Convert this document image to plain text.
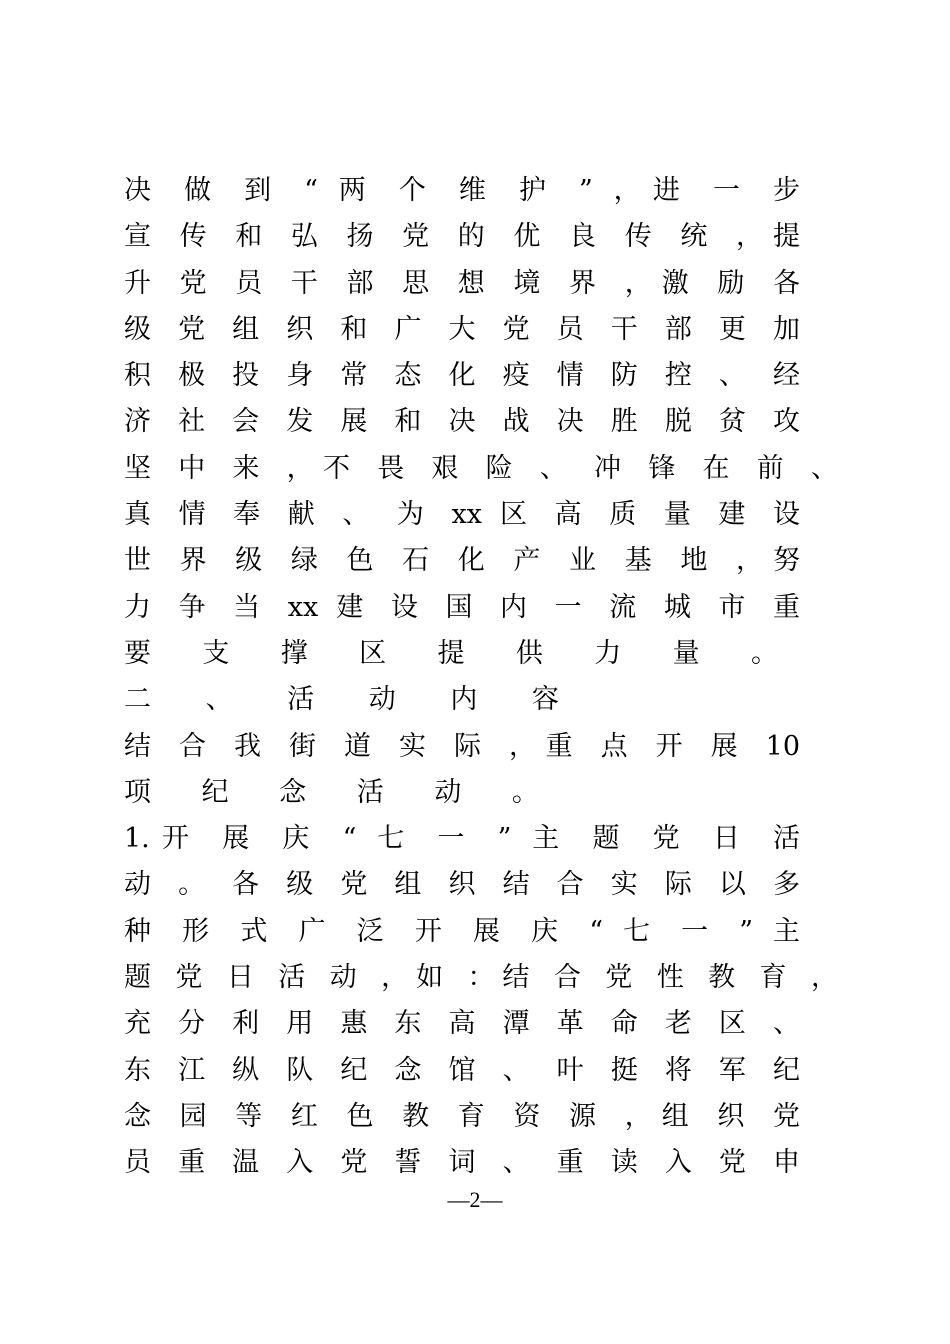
决 做 到 “ 两 个 维 护 ” ，进 一 步
宣 传 和 弘 扬 党 的 优 良 传 统 ，提
升 党 员 干 部 思 想 境 界 ，激 励 各
级 党 组 织 和 广 大 党 员 干 部 更 加
积 极 投 身 常 态 化 疫 情 防 控 、 经
济 社 会 发 展 和 决 战 决 胜 脱 贫 攻
坚 中 来 ，不 畏 艰 险 、 冲 锋 在 前 、
真 情 奉 献 、 为 xx 区 高 质 量 建 设
世 界 级 绿 色 石 化 产 业 基 地 ，努
力 争 当 xx 建 设 国 内 一 流 城 市 重
要 支 撑 区 提 供 力 量 。
二 、 活 动 内 容
结 合 我 街 道 实 际 ，重 点 开 展 10
项 纪 念 活 动 。
1.开 展 庆 “ 七 一 ” 主 题 党 日 活
动 。 各 级 党 组 织 结 合 实 际 以 多
种 形 式 广 泛 开 展 庆 “ 七 一 ” 主
题 党 日 活 动 ，如 ：结 合 党 性 教 育 ，
充 分 利 用 惠 东 高 潭 革 命 老 区 、
东 江 纵 队 纪 念 馆 、 叶 挺 将 军 纪
念 园 等 红 色 教 育 资 源 ，组 织 党
员 重 温 入 党 誓 词 、 重 读 入 党 申
—2—
